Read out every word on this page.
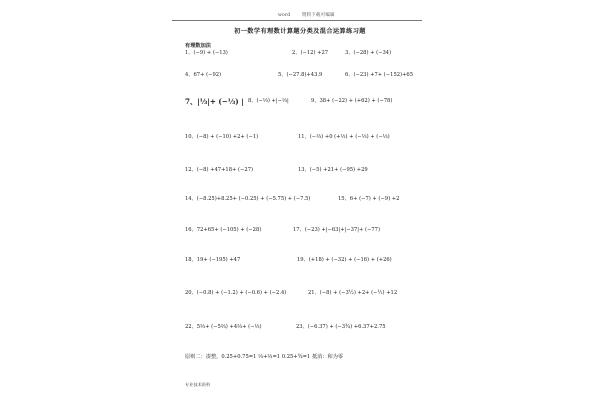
word	资料下载可编辑
初一数学有理数计算题分类及混合运算练习题
有理数加法
1、(−9) + (−13)	2、(−12) +27	3、(−28) + (−34)
4、67+ (−92)	5、(−27.8)+43.9	6、(−23) +7+ (−152)+65
7、|⅓|+ (−⅓) | 8、(−⅓) +|−⅓|	9、38+ (−22) + (+62) + (−78)
10、(−8) + (−10) +2+ (−1)	11、(−⅓) +0 (+⅓) + (−⅓) + (−⅓)
12、(−8) +47+18+ (−27)	13、(−5) +21+ (−95) +29
14、(−8.25)+8.25+ (−0.25) + (−5.75) + (−7.5)	15、6+ (−7) + (−9) +2
16、72+65+ (−105) + (−28)	17、(−23) +|−63|+|−37|+ (−77)
18、19+ (−195) +47	19、(+18) + (−32) + (−16) + (+26)
20、(−0.8) + (−1.2) + (−0.6) + (−2.4)	21、(−8) + (−3½) +2+ (−½) +12
22、5⅔+ (−5⅔) +4⅔+ (−⅓)	23、(−6.37) + (−3¾) +6.37+2.75
原则二：凑整，0.25+0.75=1 ⅓+⅔=1 0.25+¾=1 抵消：和为零
专业技术资料
